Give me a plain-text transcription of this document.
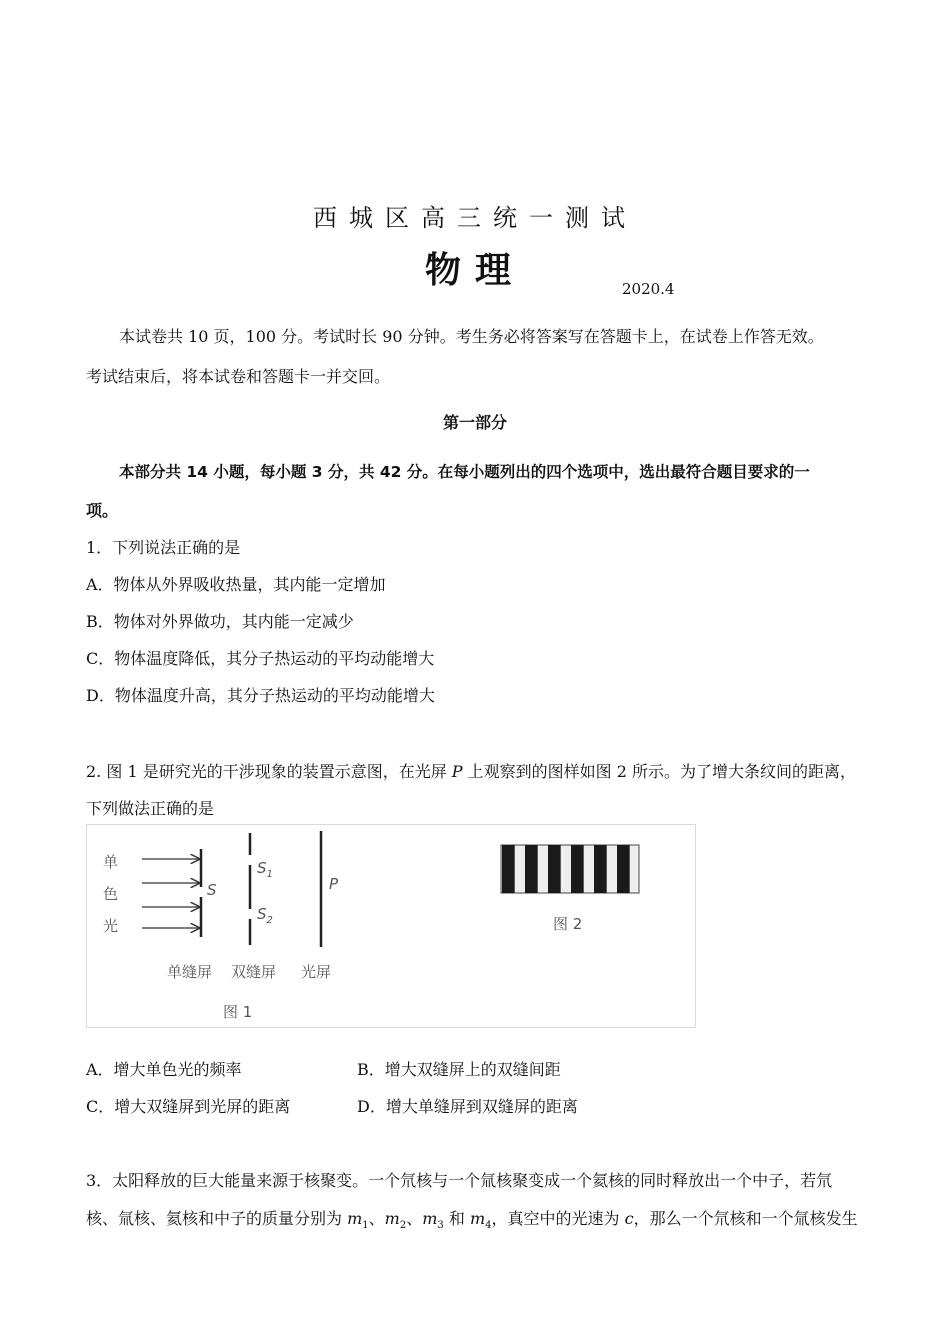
西城区高三统一测试
物理	2020.4
本试卷共 10 页，100 分。考试时长 90 分钟。考生务必将答案写在答题卡上，在试卷上作答无效。
考试结束后，将本试卷和答题卡一并交回。
第一部分
本部分共 14 小题，每小题 3 分，共 42 分。在每小题列出的四个选项中，选出最符合题目要求的一
项。
1．下列说法正确的是
A．物体从外界吸收热量，其内能一定增加
B．物体对外界做功，其内能一定减少
C．物体温度降低，其分子热运动的平均动能增大
D．物体温度升高，其分子热运动的平均动能增大
2. 图 1 是研究光的干涉现象的装置示意图，在光屏 P 上观察到的图样如图 2 所示。为了增大条纹间的距离，
下列做法正确的是
单
色
光
S
$S_1$
$S_2$
P
单缝屏 双缝屏 光屏
图 1
图 2
A．增大单色光的频率	B．增大双缝屏上的双缝间距
C．增大双缝屏到光屏的距离	D．增大单缝屏到双缝屏的距离
3．太阳释放的巨大能量来源于核聚变。一个氘核与一个氚核聚变成一个氦核的同时释放出一个中子，若氘
核、氚核、氦核和中子的质量分别为 $m_1$、$m_2$、$m_3$ 和 $m_4$，真空中的光速为 c，那么一个氘核和一个氚核发生
